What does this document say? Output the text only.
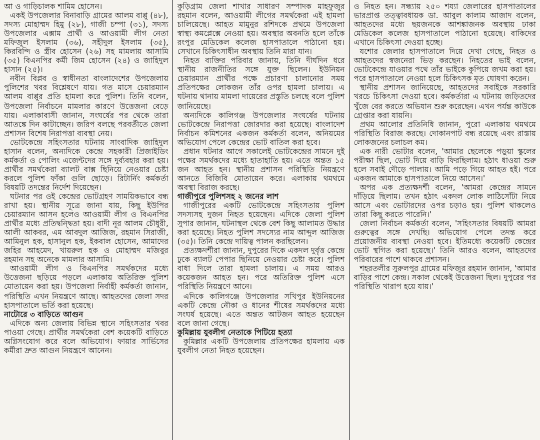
আ ও গাড়িচালক শামিম হোসেন।

একই উপজেলার বিনাবাড়ি গ্রামের আলম বাপ্পু (৪৮), সদস্য মোহাম্মদ হিমু (২৮), গাজী চম্পা (৩১), সদস্য উপজেলার এক্সাম প্রার্থী ও আওয়ামী লীগ নেতা মফিজুল ইসলাম (৩৬), সহীদুল ইসলাম (৩৫), কিরবিন্দি ও স্ত্রীব হোসেন (২৬) সহ মামলায় আসামি (৩৫) বিএনপির কর্মী জিম হোসেন (২৪) ও জাহিদুল হাসান (২৫)।

নবীন বিপ্লব ও স্বাধীনতা বাংলাদেশের উপজেলায় পুলিশের খবর বিশ্লেষণে যায়। গত মাসে চেয়ারম্যান আলম বাপ্পুর প্রতি হামলা করে পুলিশ। তিনি বলেন, উপজেলা নির্বাচনে মামলার কারণে উত্তেজনা বেড়ে যায়। এলাকাবাসী জানান, সংঘর্ষের পর থেকে তারা আতঙ্কে দিন কাটাচ্ছেন। জরিপ বলছে পরবর্তীতে জেলা প্রশাসন বিশেষ নিরাপত্তা ব্যবস্থা নেয়।

ভোটকেন্দ্রে সহিংসতার ঘটনায় সাংবাদিক জাহিদুল হাসান বলেন, অন্যদিকে কেন্দ্রে সহকারী প্রিজাইডিং কর্মকর্তা ও পোলিং এজেন্টদের সঙ্গে দুর্ব্যবহার করা হয়। প্রার্থীর সমর্থকেরা ব্যালট বাক্স ছিনিয়ে নেওয়ার চেষ্টা করলে পুলিশ ফাঁকা গুলি ছোড়ে। রিটার্নিং কর্মকর্তা বিষয়টি তদন্তের নির্দেশ দিয়েছেন।

ঘটনার পর ওই কেন্দ্রের ভোটগ্রহণ সাময়িকভাবে বন্ধ রাখা হয়। স্থানীয় সূত্রে জানা যায়, কিছু ইউপির চেয়ারম্যান আসন হলেও আওয়ামী লীগ ও বিএনপির প্রার্থীর মধ্যে প্রতিদ্বন্দ্বিতা হয়। বাদী নূর আলম চৌধুরী, আলী আকবর, এম আবদুল আজিজ, রহমান সিরাজী, আমিনুল হক, হাসানুল হক, ইকবাল হোসেন, আমাদের জহির আহমেদ, খায়রুল হক ও মোহাম্মদ মজিবুর রহমান সহ অনেকে মামলার আসামি।

আওয়ামী লীগ ও বিএনপির সমর্থকদের মধ্যে উত্তেজনা ছড়িয়ে পড়লে এলাকায় অতিরিক্ত পুলিশ মোতায়েন করা হয়। উপজেলা নির্বাহী কর্মকর্তা জানান, পরিস্থিতি এখন নিয়ন্ত্রণে আছে। আহতদের জেলা সদর হাসপাতালে ভর্তি করা হয়েছে।

নাটোরে ৩ বাড়িতে আগুন

এদিকে অন্য জেলায় বিভিন্ন স্থানে সহিংসতার খবর পাওয়া গেছে। প্রার্থীর সমর্থকেরা বেশ কয়েকটি বাড়িতে অগ্নিসংযোগ করে বলে অভিযোগ। ফায়ার সার্ভিসের কর্মীরা দ্রুত আগুন নিয়ন্ত্রণে আনেন।

কুড়িগ্রাম জেলা শাখার সাধারণ সম্পাদক মাহফুজুর রহমান বলেন, আওয়ামী লীগের সমর্থকেরা এই হামলা চালিয়েছে। আহত মামুনুর রশিদকে প্রথমে উপজেলা স্বাস্থ্য কমপ্লেক্সে নেওয়া হয়। অবস্থার অবনতি হলে তাঁকে রংপুর মেডিকেল কলেজ হাসপাতালে পাঠানো হয়। সেখানে চিকিৎসাধীন অবস্থায় তিনি মারা যান।

নিহত ব্যক্তির পরিবার জানায়, তিনি দীর্ঘদিন ধরে স্থানীয় রাজনীতির সঙ্গে যুক্ত ছিলেন। ইউনিয়ন চেয়ারম্যান প্রার্থীর পক্ষে প্রচারণা চালানোর সময় প্রতিপক্ষের লোকজন তাঁর ওপর হামলা চালায়। এ ঘটনায় থানায় মামলা দায়েরের প্রস্তুতি চলছে বলে পুলিশ জানিয়েছে।

অন্যদিকে কালিগঞ্জ উপজেলার সংঘর্ষের ঘটনায় ভোটকেন্দ্রে নিরাপত্তা জোরদার করা হয়েছে। বাংলাদেশ নির্বাচন কমিশনের একজন কর্মকর্তা বলেন, অনিয়মের অভিযোগ পেলে কেন্দ্রের ভোট বাতিল করা হবে।

প্রধান ঘটনার আগে সকালেই ভোটকেন্দ্রের সামনে দুই পক্ষের সমর্থকদের মধ্যে হাতাহাতি হয়। এতে অন্তত ১৫ জন আহত হন। স্থানীয় প্রশাসন পরিস্থিতি নিয়ন্ত্রণে আনতে বিজিবি মোতায়েন করে। এলাকায় থমথমে অবস্থা বিরাজ করছে।

গাজীপুরে পুলিশসহ ২ জনের লাশ

গাজীপুরের একটি ভোটকেন্দ্রে সহিংসতায় পুলিশ সদস্যসহ দুজন নিহত হয়েছেন। এদিকে জেলা পুলিশ সুপার জানান, ঘটনাস্থল থেকে বেশ কিছু আলামত উদ্ধার করা হয়েছে। নিহত পুলিশ সদস্যের নাম আব্দুল আজিজ (৩৫)। তিনি কেন্দ্রে দায়িত্ব পালন করছিলেন।

প্রত্যক্ষদর্শীরা জানান, দুপুরের দিকে একদল দুর্বৃত্ত কেন্দ্রে ঢুকে ব্যালট পেপার ছিনিয়ে নেওয়ার চেষ্টা করে। পুলিশ বাধা দিলে তারা হামলা চালায়। এ সময় আরও কয়েকজন আহত হন। পরে অতিরিক্ত পুলিশ এসে পরিস্থিতি নিয়ন্ত্রণে আনে।

এদিকে কালিগঞ্জে উপজেলার সখিপুর ইউনিয়নের একটি কেন্দ্রে নৌকা ও ধানের শীষের সমর্থকদের মধ্যে সংঘর্ষ হয়েছে। এতে অন্তত আটজন আহত হয়েছেন বলে জানা গেছে।

কুমিল্লায় যুবলীগ নেতাকে পিটিয়ে হত্যা

কুমিল্লার একটি উপজেলায় প্রতিপক্ষের হামলায় এক যুবলীগ নেতা নিহত হয়েছেন।

ও নিহত হন। সন্ধ্যায় ২৫০ শয্যা জেলারের হাসপাতালের ভারপ্রাপ্ত তত্ত্বাবধায়ক ডা. আবুল কালাম আজাদ বলেন, আহতদের মধ্যে ছয়জনকে আশঙ্কাজনক অবস্থায় ঢাকা মেডিকেল কলেজ হাসপাতালে পাঠানো হয়েছে। বাকিদের এখানে চিকিৎসা দেওয়া হচ্ছে।

যশোর জেলার হাসপাতালে দিয়ে দেখা গেছে, নিহত ও আহতদের স্বজনেরা ভিড় করছেন। নিহতের ভাই বলেন, ভোটকেন্দ্রে যাওয়ার পথে তাঁর ভাইকে কুপিয়ে জখম করা হয়। পরে হাসপাতালে নেওয়া হলে চিকিৎসক মৃত ঘোষণা করেন।

স্থানীয় প্রশাসন জানিয়েছে, আহতদের সবাইকে সরকারি খরচে চিকিৎসা দেওয়া হবে। কর্মকর্তারা এ ঘটনায় জড়িতদের খুঁজে বের করতে অভিযান শুরু করেছেন। এখন পর্যন্ত কাউকে গ্রেপ্তার করা যায়নি।

প্রথম আলোর প্রতিনিধি জানান, পুরো এলাকায় থমথমে পরিস্থিতি বিরাজ করছে। দোকানপাট বন্ধ রয়েছে এবং রাস্তায় লোকজনের চলাচল কম।

এক নারী ভোটার বলেন, 'আমার ছেলেকে পড়ুয়া স্কুলের পরীক্ষা ছিল, ভোট দিয়ে বাড়ি ফিরছিলাম। হঠাৎ ধাওয়া শুরু হলে সবাই দৌড়ে পালায়। আমি পড়ে গিয়ে আহত হই। পরে একজন আমাকে হাসপাতালে নিয়ে আসেন।'

অপর এক প্রত্যক্ষদর্শী বলেন, 'আমরা কেন্দ্রের সামনে দাঁড়িয়ে ছিলাম। তখন হঠাৎ একদল লোক লাঠিসোঁটা নিয়ে আসে এবং ভোটারদের ওপর চড়াও হয়। পুলিশ থাকলেও তারা কিছু করতে পারেনি।'

জেলা নির্বাচন কর্মকর্তা বলেন, 'সহিংসতার বিষয়টি আমরা গুরুত্বের সঙ্গে দেখছি। অভিযোগ পেলে তদন্ত করে প্রয়োজনীয় ব্যবস্থা নেওয়া হবে। ইতিমধ্যে কয়েকটি কেন্দ্রের ভোট স্থগিত করা হয়েছে।' তিনি আরও বলেন, আহতদের পরিবারের পাশে থাকবে প্রশাসন।

শহরতলীর সুরুলপুর গ্রামের মফিজুর রহমান জানান, 'আমার বাড়ির পাশে কেন্দ্র। সকাল থেকেই উত্তেজনা ছিল। দুপুরের পর পরিস্থিতি খারাপ হয়ে যায়।'
